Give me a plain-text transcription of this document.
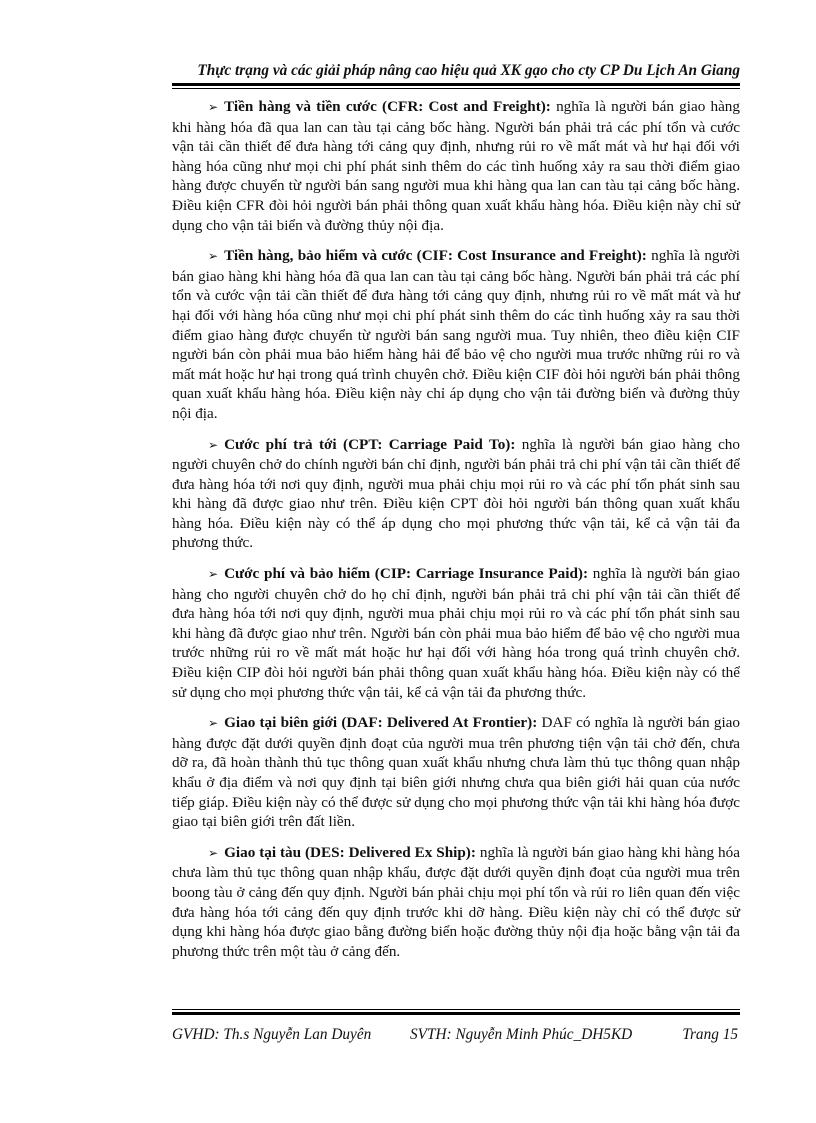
Thực trạng và các giải pháp nâng cao hiệu quả XK gạo cho cty CP Du Lịch An Giang

➢ Tiền hàng và tiền cước (CFR: Cost and Freight): nghĩa là người bán giao hàng khi hàng hóa đã qua lan can tàu tại cảng bốc hàng. Người bán phải trả các phí tổn và cước vận tải cần thiết để đưa hàng tới cảng quy định, nhưng rủi ro về mất mát và hư hại đối với hàng hóa cũng như mọi chi phí phát sinh thêm do các tình huống xảy ra sau thời điểm giao hàng được chuyển từ người bán sang người mua khi hàng qua lan can tàu tại cảng bốc hàng. Điều kiện CFR đòi hỏi người bán phải thông quan xuất khẩu hàng hóa. Điều kiện này chỉ sử dụng cho vận tải biển và đường thủy nội địa.

➢ Tiền hàng, bảo hiểm và cước (CIF: Cost Insurance and Freight): nghĩa là người bán giao hàng khi hàng hóa đã qua lan can tàu tại cảng bốc hàng. Người bán phải trả các phí tổn và cước vận tải cần thiết để đưa hàng tới cảng quy định, nhưng rủi ro về mất mát và hư hại đối với hàng hóa cũng như mọi chi phí phát sinh thêm do các tình huống xảy ra sau thời điểm giao hàng được chuyển từ người bán sang người mua. Tuy nhiên, theo điều kiện CIF người bán còn phải mua bảo hiểm hàng hải để bảo vệ cho người mua trước những rủi ro và mất mát hoặc hư hại trong quá trình chuyên chở. Điều kiện CIF đòi hỏi người bán phải thông quan xuất khẩu hàng hóa. Điều kiện này chỉ áp dụng cho vận tải đường biển và đường thủy nội địa.

➢ Cước phí trả tới (CPT: Carriage Paid To): nghĩa là người bán giao hàng cho người chuyên chở do chính người bán chỉ định, người bán phải trả chi phí vận tải cần thiết để đưa hàng hóa tới nơi quy định, người mua phải chịu mọi rủi ro và các phí tổn phát sinh sau khi hàng đã được giao như trên. Điều kiện CPT đòi hỏi người bán thông quan xuất khẩu hàng hóa. Điều kiện này có thể áp dụng cho mọi phương thức vận tải, kể cả vận tải đa phương thức.

➢ Cước phí và bảo hiểm (CIP: Carriage Insurance Paid): nghĩa là người bán giao hàng cho người chuyên chở do họ chỉ định, người bán phải trả chi phí vận tải cần thiết để đưa hàng hóa tới nơi quy định, người mua phải chịu mọi rủi ro và các phí tổn phát sinh sau khi hàng đã được giao như trên. Người bán còn phải mua bảo hiểm để bảo vệ cho người mua trước những rủi ro về mất mát hoặc hư hại đối với hàng hóa trong quá trình chuyên chở. Điều kiện CIP đòi hỏi người bán phải thông quan xuất khẩu hàng hóa. Điều kiện này có thể sử dụng cho mọi phương thức vận tải, kể cả vận tải đa phương thức.

➢ Giao tại biên giới (DAF: Delivered At Frontier): DAF có nghĩa là người bán giao hàng được đặt dưới quyền định đoạt của người mua trên phương tiện vận tải chở đến, chưa dỡ ra, đã hoàn thành thủ tục thông quan xuất khẩu nhưng chưa làm thủ tục thông quan nhập khẩu ở địa điểm và nơi quy định tại biên giới nhưng chưa qua biên giới hải quan của nước tiếp giáp. Điều kiện này có thể được sử dụng cho mọi phương thức vận tải khi hàng hóa được giao tại biên giới trên đất liền.

➢ Giao tại tàu (DES: Delivered Ex Ship): nghĩa là người bán giao hàng khi hàng hóa chưa làm thủ tục thông quan nhập khẩu, được đặt dưới quyền định đoạt của người mua trên boong tàu ở cảng đến quy định. Người bán phải chịu mọi phí tổn và rủi ro liên quan đến việc đưa hàng hóa tới cảng đến quy định trước khi dỡ hàng. Điều kiện này chỉ có thể được sử dụng khi hàng hóa được giao bằng đường biển hoặc đường thủy nội địa hoặc bằng vận tải đa phương thức trên một tàu ở cảng đến.

GVHD: Th.s Nguyễn Lan Duyên	SVTH: Nguyễn Minh Phúc_DH5KD	Trang 15
